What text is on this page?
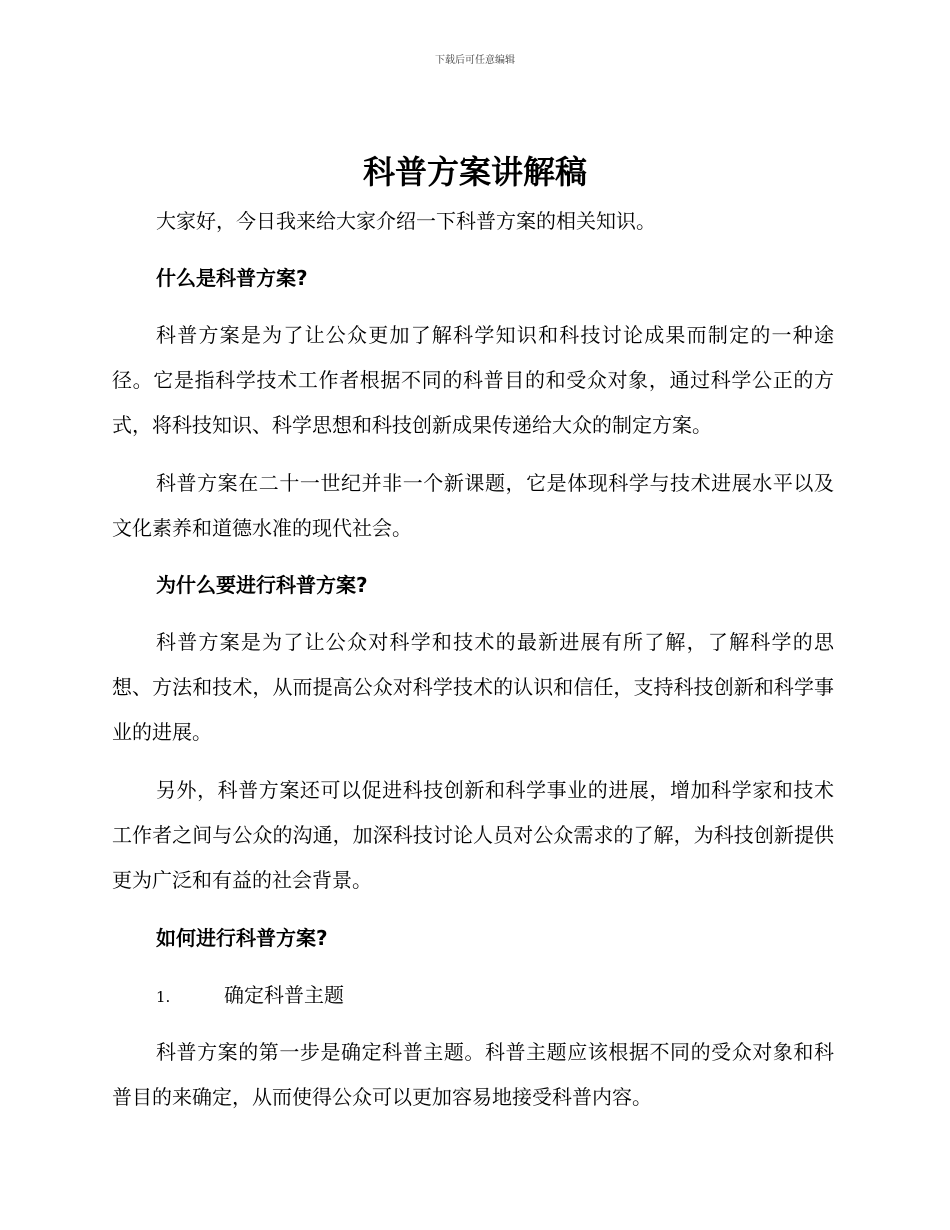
下载后可任意编辑
科普方案讲解稿

大家好，今日我来给大家介绍一下科普方案的相关知识。

什么是科普方案?

科普方案是为了让公众更加了解科学知识和科技讨论成果而制定的一种途径。它是指科学技术工作者根据不同的科普目的和受众对象，通过科学公正的方式，将科技知识、科学思想和科技创新成果传递给大众的制定方案。

科普方案在二十一世纪并非一个新课题，它是体现科学与技术进展水平以及文化素养和道德水准的现代社会。

为什么要进行科普方案?

科普方案是为了让公众对科学和技术的最新进展有所了解，了解科学的思想、方法和技术，从而提高公众对科学技术的认识和信任，支持科技创新和科学事业的进展。

另外，科普方案还可以促进科技创新和科学事业的进展，增加科学家和技术工作者之间与公众的沟通，加深科技讨论人员对公众需求的了解，为科技创新提供更为广泛和有益的社会背景。

如何进行科普方案?

1.	确定科普主题

科普方案的第一步是确定科普主题。科普主题应该根据不同的受众对象和科普目的来确定，从而使得公众可以更加容易地接受科普内容。
